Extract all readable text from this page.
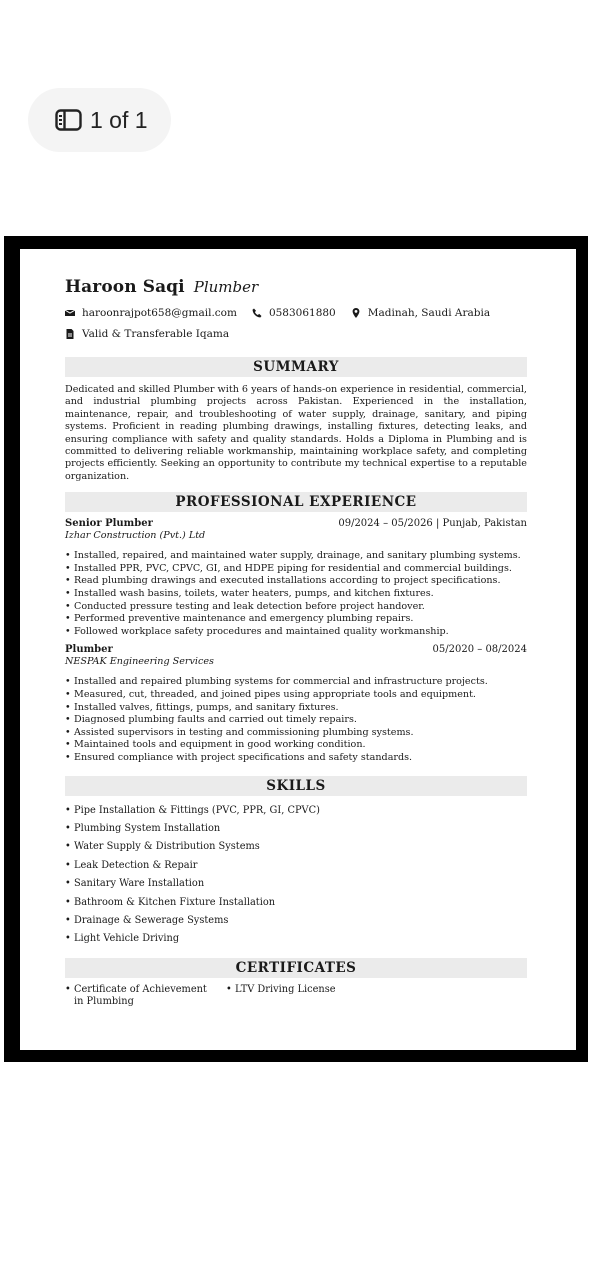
1 of 1
Haroon Saqi Plumber
haroonrajpot658@gmail.com	0583061880	Madinah, Saudi Arabia
Valid & Transferable Iqama
SUMMARY

Dedicated and skilled Plumber with 6 years of hands-on experience in residential, commercial, and industrial plumbing projects across Pakistan. Experienced in the installation, maintenance, repair, and troubleshooting of water supply, drainage, sanitary, and piping systems. Proficient in reading plumbing drawings, installing fixtures, detecting leaks, and ensuring compliance with safety and quality standards. Holds a Diploma in Plumbing and is committed to delivering reliable workmanship, maintaining workplace safety, and completing projects efficiently. Seeking an opportunity to contribute my technical expertise to a reputable organization.

PROFESSIONAL EXPERIENCE
Senior Plumber	09/2024 – 05/2026 | Punjab, Pakistan
Izhar Construction (Pvt.) Ltd
• Installed, repaired, and maintained water supply, drainage, and sanitary plumbing systems.
• Installed PPR, PVC, CPVC, GI, and HDPE piping for residential and commercial buildings.
• Read plumbing drawings and executed installations according to project specifications.
• Installed wash basins, toilets, water heaters, pumps, and kitchen fixtures.
• Conducted pressure testing and leak detection before project handover.
• Performed preventive maintenance and emergency plumbing repairs.
• Followed workplace safety procedures and maintained quality workmanship.
Plumber	05/2020 – 08/2024
NESPAK Engineering Services
• Installed and repaired plumbing systems for commercial and infrastructure projects.
• Measured, cut, threaded, and joined pipes using appropriate tools and equipment.
• Installed valves, fittings, pumps, and sanitary fixtures.
• Diagnosed plumbing faults and carried out timely repairs.
• Assisted supervisors in testing and commissioning plumbing systems.
• Maintained tools and equipment in good working condition.
• Ensured compliance with project specifications and safety standards.
SKILLS
• Pipe Installation & Fittings (PVC, PPR, GI, CPVC)
• Plumbing System Installation
• Water Supply & Distribution Systems
• Leak Detection & Repair
• Sanitary Ware Installation
• Bathroom & Kitchen Fixture Installation
• Drainage & Sewerage Systems
• Light Vehicle Driving
CERTIFICATES
• Certificate of Achievement
in Plumbing
• LTV Driving License
